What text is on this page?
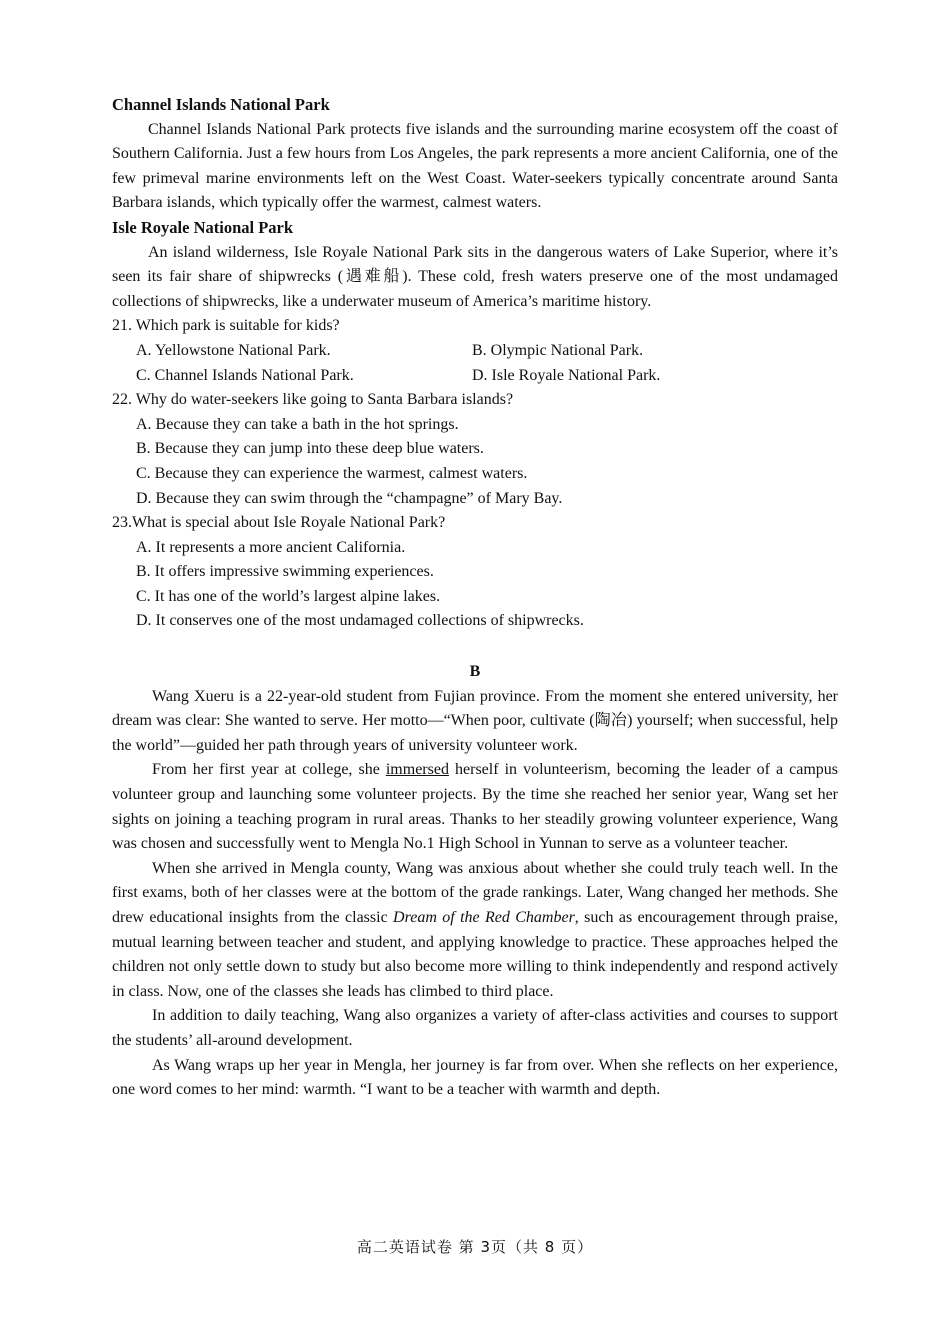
Channel Islands National Park

Channel Islands National Park protects five islands and the surrounding marine ecosystem off the coast of Southern California. Just a few hours from Los Angeles, the park represents a more ancient California, one of the few primeval marine environments left on the West Coast. Water-seekers typically concentrate around Santa Barbara islands, which typically offer the warmest, calmest waters.

Isle Royale National Park

An island wilderness, Isle Royale National Park sits in the dangerous waters of Lake Superior, where it’s seen its fair share of shipwrecks (遇难船). These cold, fresh waters preserve one of the most undamaged collections of shipwrecks, like a underwater museum of America’s maritime history.

21. Which park is suitable for kids?

A. Yellowstone National Park.	B. Olympic National Park.
C. Channel Islands National Park.	D. Isle Royale National Park.

22. Why do water-seekers like going to Santa Barbara islands?

A. Because they can take a bath in the hot springs.

B. Because they can jump into these deep blue waters.

C. Because they can experience the warmest, calmest waters.

D. Because they can swim through the “champagne” of Mary Bay.

23.What is special about Isle Royale National Park?

A. It represents a more ancient California.

B. It offers impressive swimming experiences.

C. It has one of the world’s largest alpine lakes.

D. It conserves one of the most undamaged collections of shipwrecks.

B

Wang Xueru is a 22-year-old student from Fujian province. From the moment she entered university, her dream was clear: She wanted to serve. Her motto—“When poor, cultivate (陶冶) yourself; when successful, help the world”—guided her path through years of university volunteer work.

From her first year at college, she immersed herself in volunteerism, becoming the leader of a campus volunteer group and launching some volunteer projects. By the time she reached her senior year, Wang set her sights on joining a teaching program in rural areas. Thanks to her steadily growing volunteer experience, Wang was chosen and successfully went to Mengla No.1 High School in Yunnan to serve as a volunteer teacher.

When she arrived in Mengla county, Wang was anxious about whether she could truly teach well. In the first exams, both of her classes were at the bottom of the grade rankings. Later, Wang changed her methods. She drew educational insights from the classic Dream of the Red Chamber, such as encouragement through praise, mutual learning between teacher and student, and applying knowledge to practice. These approaches helped the children not only settle down to study but also become more willing to think independently and respond actively in class. Now, one of the classes she leads has climbed to third place.

In addition to daily teaching, Wang also organizes a variety of after-class activities and courses to support the students’ all-around development.

As Wang wraps up her year in Mengla, her journey is far from over. When she reflects on her experience, one word comes to her mind: warmth. “I want to be a teacher with warmth and depth.

高二英语试卷 第 3页（共 8 页）
